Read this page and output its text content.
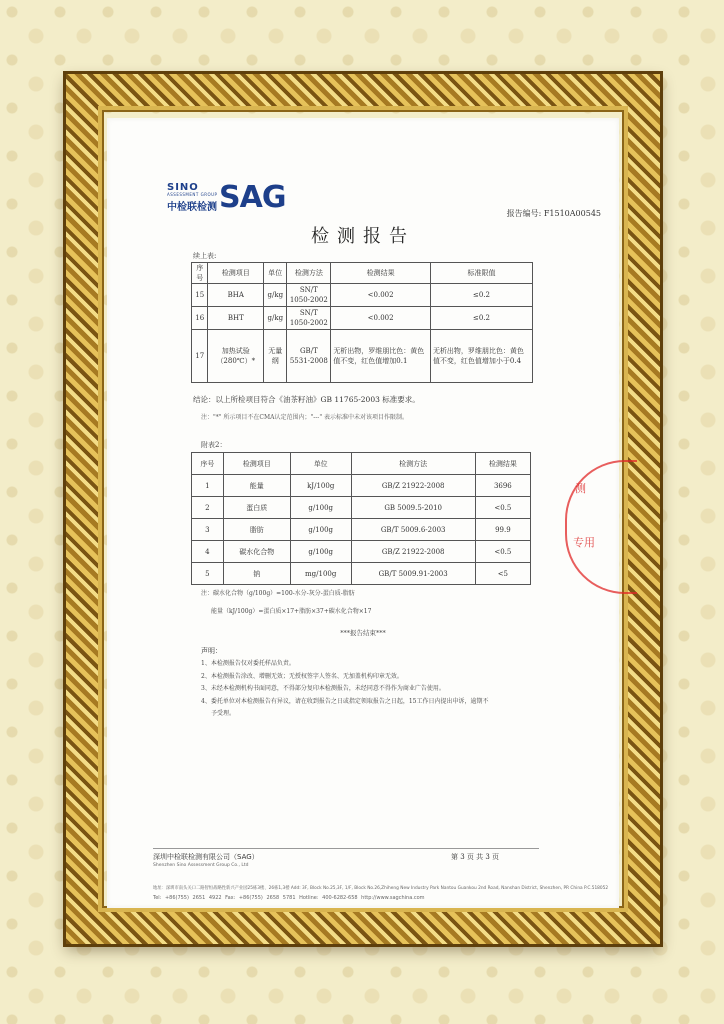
SINO
ASSESSMENT GROUP
中检联检测 SAG	报告编号: F1510A00545
检测报告
续上表:
序号	检测项目	单位	检测方法	检测结果	标准限值
15	BHA	g/kg	SN/T 1050-2002	<0.002	≤0.2
16	BHT	g/kg	SN/T 1050-2002	<0.002	≤0.2
17	加热试验（280℃）*	无量纲	GB/T 5531-2008	无析出物，罗维朋比色：黄色值不变，红色值增加0.1	无析出物，罗维朋比色：黄色值不变，红色值增加小于0.4
结论：以上所检项目符合《油茶籽油》GB 11765-2003 标准要求。
注："*" 所示项目不在CMA认定范围内；"---" 表示标准中未对该项目作限制。
附表2：
序号	检测项目	单位	检测方法	检测结果
1	能量	kJ/100g	GB/Z 21922-2008	3696
2	蛋白质	g/100g	GB 5009.5-2010	<0.5
3	脂肪	g/100g	GB/T 5009.6-2003	99.9
4	碳水化合物	g/100g	GB/Z 21922-2008	<0.5
5	钠	mg/100g	GB/T 5009.91-2003	<5
测
专用
注：碳水化合物（g/100g）=100-水分-灰分-蛋白质-脂肪
能量（kJ/100g）=蛋白质×17+脂肪×37+碳水化合物×17
***报告结束***
声明：
1、本检测报告仅对委托样品负责。
2、本检测报告涂改、增删无效；无授权签字人签名、无加盖机构印章无效。
3、未经本检测机构书面同意，不得部分复印本检测报告，未经同意不得作为商业广告使用。
4、委托单位对本检测报告有异议，请在收到报告之日或指定领取报告之日起，15工作日内提出申诉，逾期不
予受理。
深圳中检联检测有限公司（SAG）	第 3 页 共 3 页
Shenzhen Sino Assessment Group Co., Ltd
地址：深圳市南头关口二路智恒战略性新兴产业园25栋3楼、26栋1,3楼 Add: 3F, Block No.25,3F, 1/F, Block No.26,Zhiheng New Industry Park Nantou Guankou 2nd Road, Nanshan District, Shenzhen, PR China P.C.518052
Tel: +86(755) 2651 4922 Fax: +86(755) 2658 5781 Hotline: 400-6282-658 http://www.sagchina.com
